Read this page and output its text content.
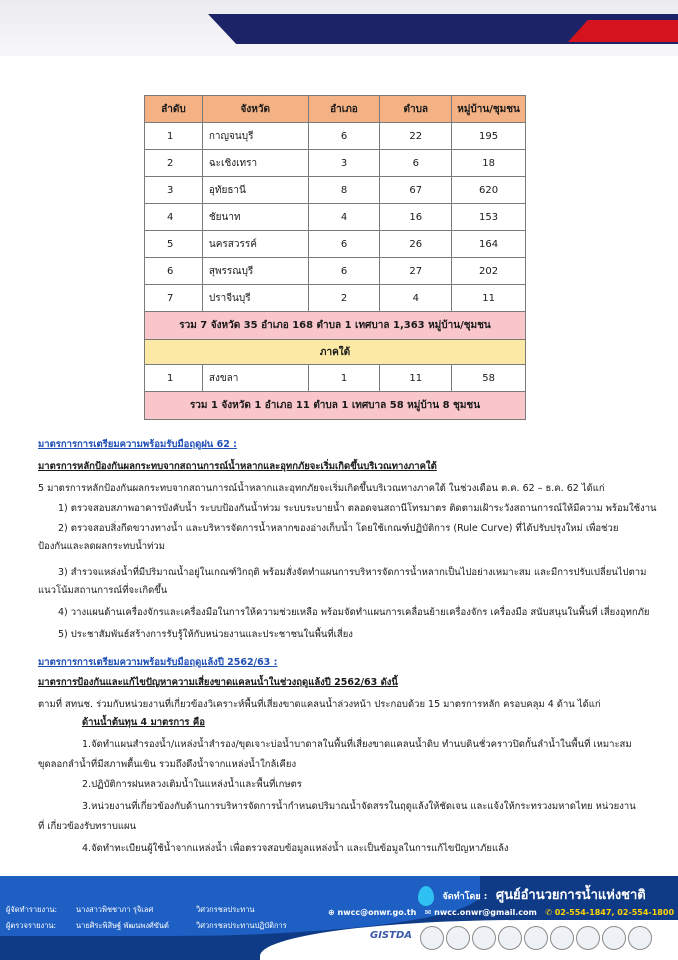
ลำดับ	จังหวัด	อำเภอ	ตำบล	หมู่บ้าน/ชุมชน
1	กาญจนบุรี	6	22	195
2	ฉะเชิงเทรา	3	6	18
3	อุทัยธานี	8	67	620
4	ชัยนาท	4	16	153
5	นครสวรรค์	6	26	164
6	สุพรรณบุรี	6	27	202
7	ปราจีนบุรี	2	4	11
รวม 7 จังหวัด 35 อำเภอ 168 ตำบล 1 เทศบาล 1,363 หมู่บ้าน/ชุมชน				
ภาคใต้				
1	สงขลา	1	11	58
รวม 1 จังหวัด 1 อำเภอ 11 ตำบล 1 เทศบาล 58 หมู่บ้าน 8 ชุมชน				
มาตรการการเตรียมความพร้อมรับมือฤดูฝน 62 :
มาตรการหลักป้องกันผลกระทบจากสถานการณ์น้ำหลากและอุทกภัยจะเริ่มเกิดขึ้นบริเวณทางภาคใต้
5 มาตรการหลักป้องกันผลกระทบจากสถานการณ์น้ำหลากและอุทกภัยจะเริ่มเกิดขึ้นบริเวณทางภาคใต้ ในช่วงเดือน ต.ค. 62 – ธ.ค. 62 ได้แก่
1) ตรวจสอบสภาพอาคารบังคับน้ำ ระบบป้องกันน้ำท่วม ระบบระบายน้ำ ตลอดจนสถานีโทรมาตร ติดตามเฝ้าระวังสถานการณ์ให้มีความ พร้อมใช้งาน
2) ตรวจสอบสิ่งกีดขวางทางน้ำ และบริหารจัดการน้ำหลากของอ่างเก็บน้ำ โดยใช้เกณฑ์ปฏิบัติการ (Rule Curve) ที่ได้ปรับปรุงใหม่ เพื่อช่วย
ป้องกันและลดผลกระทบน้ำท่วม
3) สำรวจแหล่งน้ำที่มีปริมาณน้ำอยู่ในเกณฑ์วิกฤติ พร้อมสั่งจัดทำแผนการบริหารจัดการน้ำหลากเป็นไปอย่างเหมาะสม และมีการปรับเปลี่ยนไปตาม
แนวโน้มสถานการณ์ที่จะเกิดขึ้น
4) วางแผนด้านเครื่องจักรและเครื่องมือในการให้ความช่วยเหลือ พร้อมจัดทำแผนการเคลื่อนย้ายเครื่องจักร เครื่องมือ สนับสนุนในพื้นที่ เสี่ยงอุทกภัย
5) ประชาสัมพันธ์สร้างการรับรู้ให้กับหน่วยงานและประชาชนในพื้นที่เสี่ยง
มาตรการการเตรียมความพร้อมรับมือฤดูแล้งปี 2562/63 :
มาตรการป้องกันและแก้ไขปัญหาความเสี่ยงขาดแคลนน้ำในช่วงฤดูแล้งปี 2562/63 ดังนี้
ตามที่ สทนช. ร่วมกับหน่วยงานที่เกี่ยวข้องวิเคราะห์พื้นที่เสี่ยงขาดแคลนน้ำล่วงหน้า ประกอบด้วย 15 มาตรการหลัก ครอบคลุม 4 ด้าน ได้แก่
ด้านน้ำต้นทุน 4 มาตรการ คือ
1.จัดทำแผนสำรองน้ำ/แหล่งน้ำสำรอง/ขุดเจาะบ่อน้ำบาดาลในพื้นที่เสี่ยงขาดแคลนน้ำดิบ ทำนบดินชั่วคราวปิดกั้นลำน้ำในพื้นที่ เหมาะสม
ขุดลอกลำน้ำที่มีสภาพตื้นเขิน รวมถึงดึงน้ำจากแหล่งน้ำใกล้เคียง
2.ปฏิบัติการฝนหลวงเติมน้ำในแหล่งน้ำและพื้นที่เกษตร
3.หน่วยงานที่เกี่ยวข้องกับด้านการบริหารจัดการน้ำกำหนดปริมาณน้ำจัดสรรในฤดูแล้งให้ชัดเจน และแจ้งให้กระทรวงมหาดไทย หน่วยงาน
ที่ เกี่ยวข้องรับทราบแผน
4.จัดทำทะเบียนผู้ใช้น้ำจากแหล่งน้ำ เพื่อตรวจสอบข้อมูลแหล่งน้ำ และเป็นข้อมูลในการแก้ไขปัญหาภัยแล้ง
ผู้จัดทำรายงาน:	นางสาวพิชชาภา รุจิเลศ	วิศวกรชลประทาน
ผู้ตรวจรายงาน:	นายศิระพิสิษฐ์ พัฒนพงศ์ขันต์	วิศวกรชลประทานปฏิบัติการ
จัดทำโดย : ศูนย์อำนวยการน้ำแห่งชาติ
⊕ nwcc@onwr.go.th ✉ nwcc.onwr@gmail.com ✆ 02-554-1847, 02-554-1800
GISTDA
